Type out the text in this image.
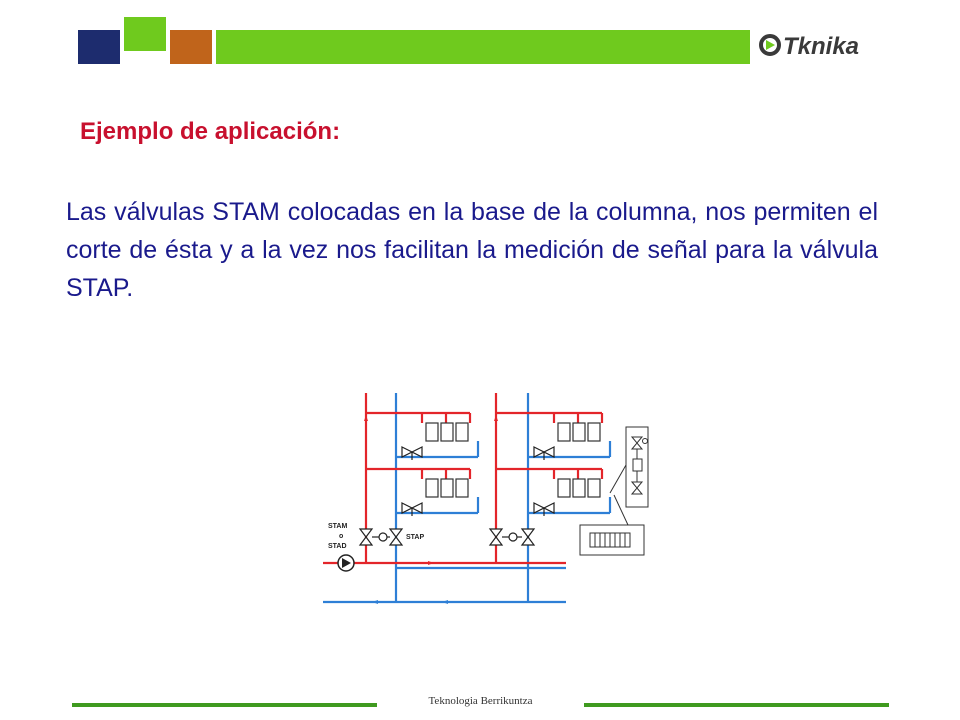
Tknika
Ejemplo de aplicación:

Las válvulas STAM colocadas en la base de la columna, nos permiten el corte de ésta y a la vez nos facilitan la medición de señal para la válvula STAP.

STAM
o
STAD
STAP
Teknologia Berrikuntza
